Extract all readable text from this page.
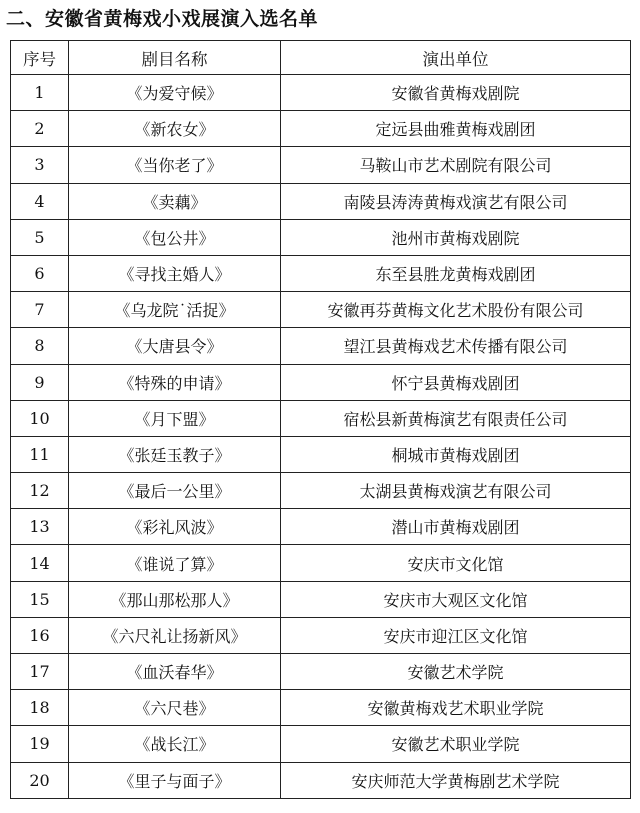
二、安徽省黄梅戏小戏展演入选名单
序号	剧目名称	演出单位
1	《为爱守候》	安徽省黄梅戏剧院
2	《新农女》	定远县曲雅黄梅戏剧团
3	《当你老了》	马鞍山市艺术剧院有限公司
4	《卖藕》	南陵县涛涛黄梅戏演艺有限公司
5	《包公井》	池州市黄梅戏剧院
6	《寻找主婚人》	东至县胜龙黄梅戏剧团
7	《乌龙院˙活捉》	安徽再芬黄梅文化艺术股份有限公司
8	《大唐县令》	望江县黄梅戏艺术传播有限公司
9	《特殊的申请》	怀宁县黄梅戏剧团
10	《月下盟》	宿松县新黄梅演艺有限责任公司
11	《张廷玉教子》	桐城市黄梅戏剧团
12	《最后一公里》	太湖县黄梅戏演艺有限公司
13	《彩礼风波》	潜山市黄梅戏剧团
14	《谁说了算》	安庆市文化馆
15	《那山那松那人》	安庆市大观区文化馆
16	《六尺礼让扬新风》	安庆市迎江区文化馆
17	《血沃春华》	安徽艺术学院
18	《六尺巷》	安徽黄梅戏艺术职业学院
19	《战长江》	安徽艺术职业学院
20	《里子与面子》	安庆师范大学黄梅剧艺术学院
